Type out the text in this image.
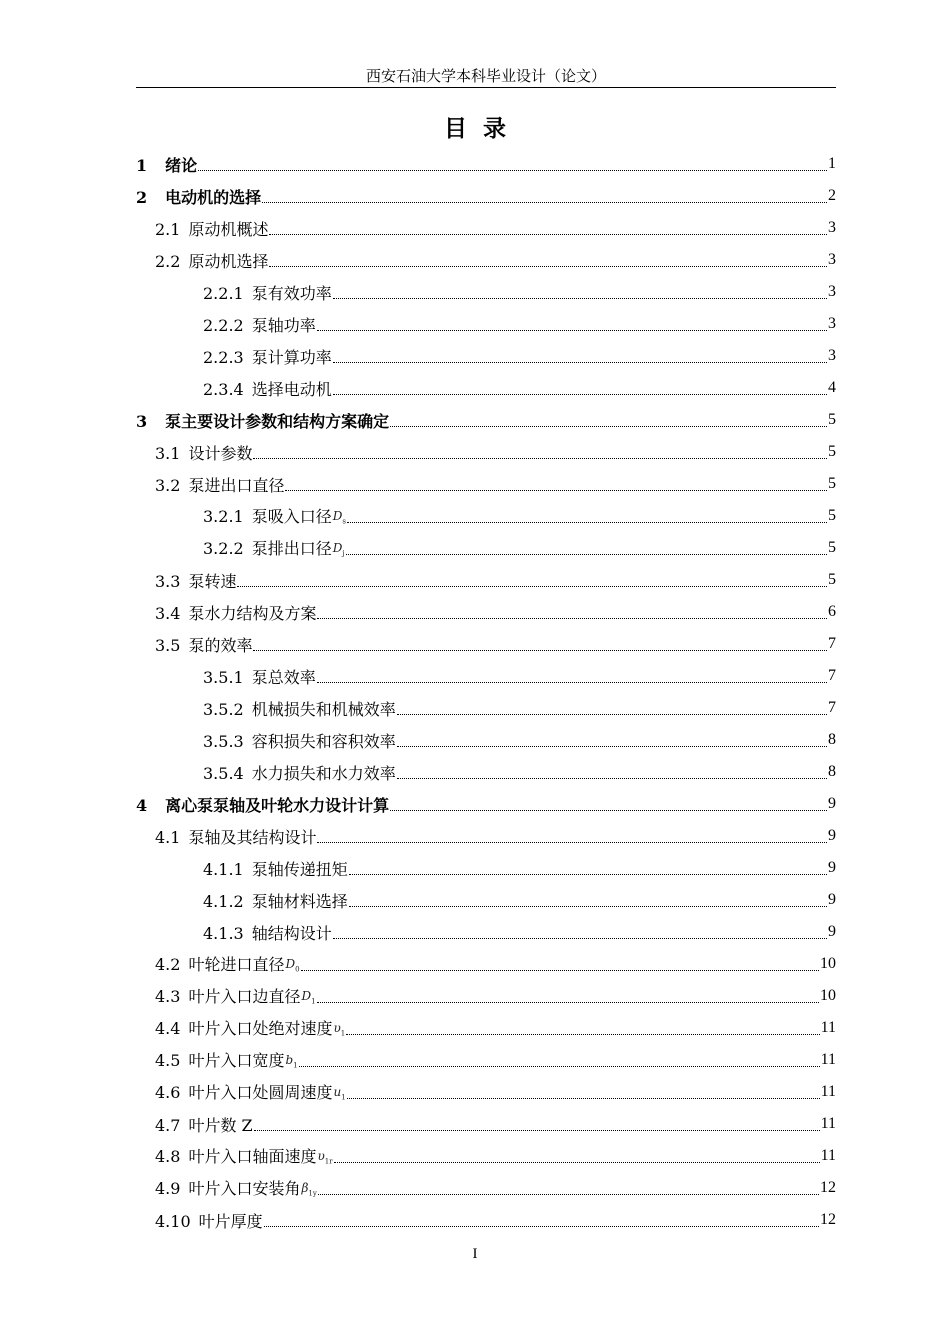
西安石油大学本科毕业设计（论文）
目录
1 绪论	1
2 电动机的选择	2
2.1 原动机概述	3
2.2 原动机选择	3
2.2.1 泵有效功率	3
2.2.2 泵轴功率	3
2.2.3 泵计算功率	3
2.3.4 选择电动机	4
3 泵主要设计参数和结构方案确定	5
3.1 设计参数	5
3.2 泵进出口直径	5
3.2.1 泵吸入口径$D_s$	5
3.2.2 泵排出口径$D_j$	5
3.3 泵转速	5
3.4 泵水力结构及方案	6
3.5 泵的效率	7
3.5.1 泵总效率	7
3.5.2 机械损失和机械效率	7
3.5.3 容积损失和容积效率	8
3.5.4 水力损失和水力效率	8
4 离心泵泵轴及叶轮水力设计计算	9
4.1 泵轴及其结构设计	9
4.1.1 泵轴传递扭矩	9
4.1.2 泵轴材料选择	9
4.1.3 轴结构设计	9
4.2 叶轮进口直径$D_0$	10
4.3 叶片入口边直径$D_1$	10
4.4 叶片入口处绝对速度$\upsilon_1$	11
4.5 叶片入口宽度$b_1$	11
4.6 叶片入口处圆周速度$u_1$	11
4.7 叶片数 Z	11
4.8 叶片入口轴面速度$\upsilon_{1r}$	11
4.9 叶片入口安装角$\beta_{1y}$	12
4.10 叶片厚度	12
I
